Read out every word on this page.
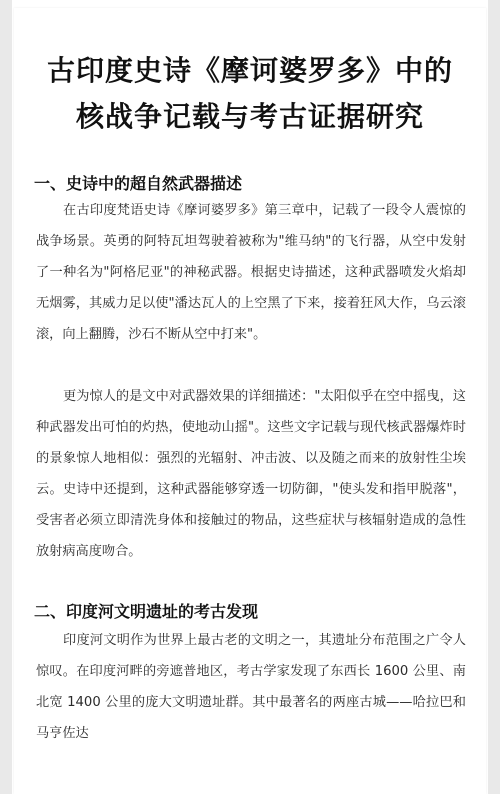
古印度史诗《摩诃婆罗多》中的核战争记载与考古证据研究
一、史诗中的超自然武器描述

在古印度梵语史诗《摩诃婆罗多》第三章中，记载了一段令人震惊的战争场景。英勇的阿特瓦坦驾驶着被称为"维马纳"的飞行器，从空中发射了一种名为"阿格尼亚"的神秘武器。根据史诗描述，这种武器喷发火焰却无烟雾，其威力足以使"潘达瓦人的上空黑了下来，接着狂风大作，乌云滚滚，向上翻腾，沙石不断从空中打来"。

更为惊人的是文中对武器效果的详细描述："太阳似乎在空中摇曳，这种武器发出可怕的灼热，使地动山摇"。这些文字记载与现代核武器爆炸时的景象惊人地相似：强烈的光辐射、冲击波、以及随之而来的放射性尘埃云。史诗中还提到，这种武器能够穿透一切防御，"使头发和指甲脱落"，受害者必须立即清洗身体和接触过的物品，这些症状与核辐射造成的急性放射病高度吻合。

二、印度河文明遗址的考古发现

印度河文明作为世界上最古老的文明之一，其遗址分布范围之广令人惊叹。在印度河畔的旁遮普地区，考古学家发现了东西长 1600 公里、南北宽 1400 公里的庞大文明遗址群。其中最著名的两座古城——哈拉巴和马亨佐达
